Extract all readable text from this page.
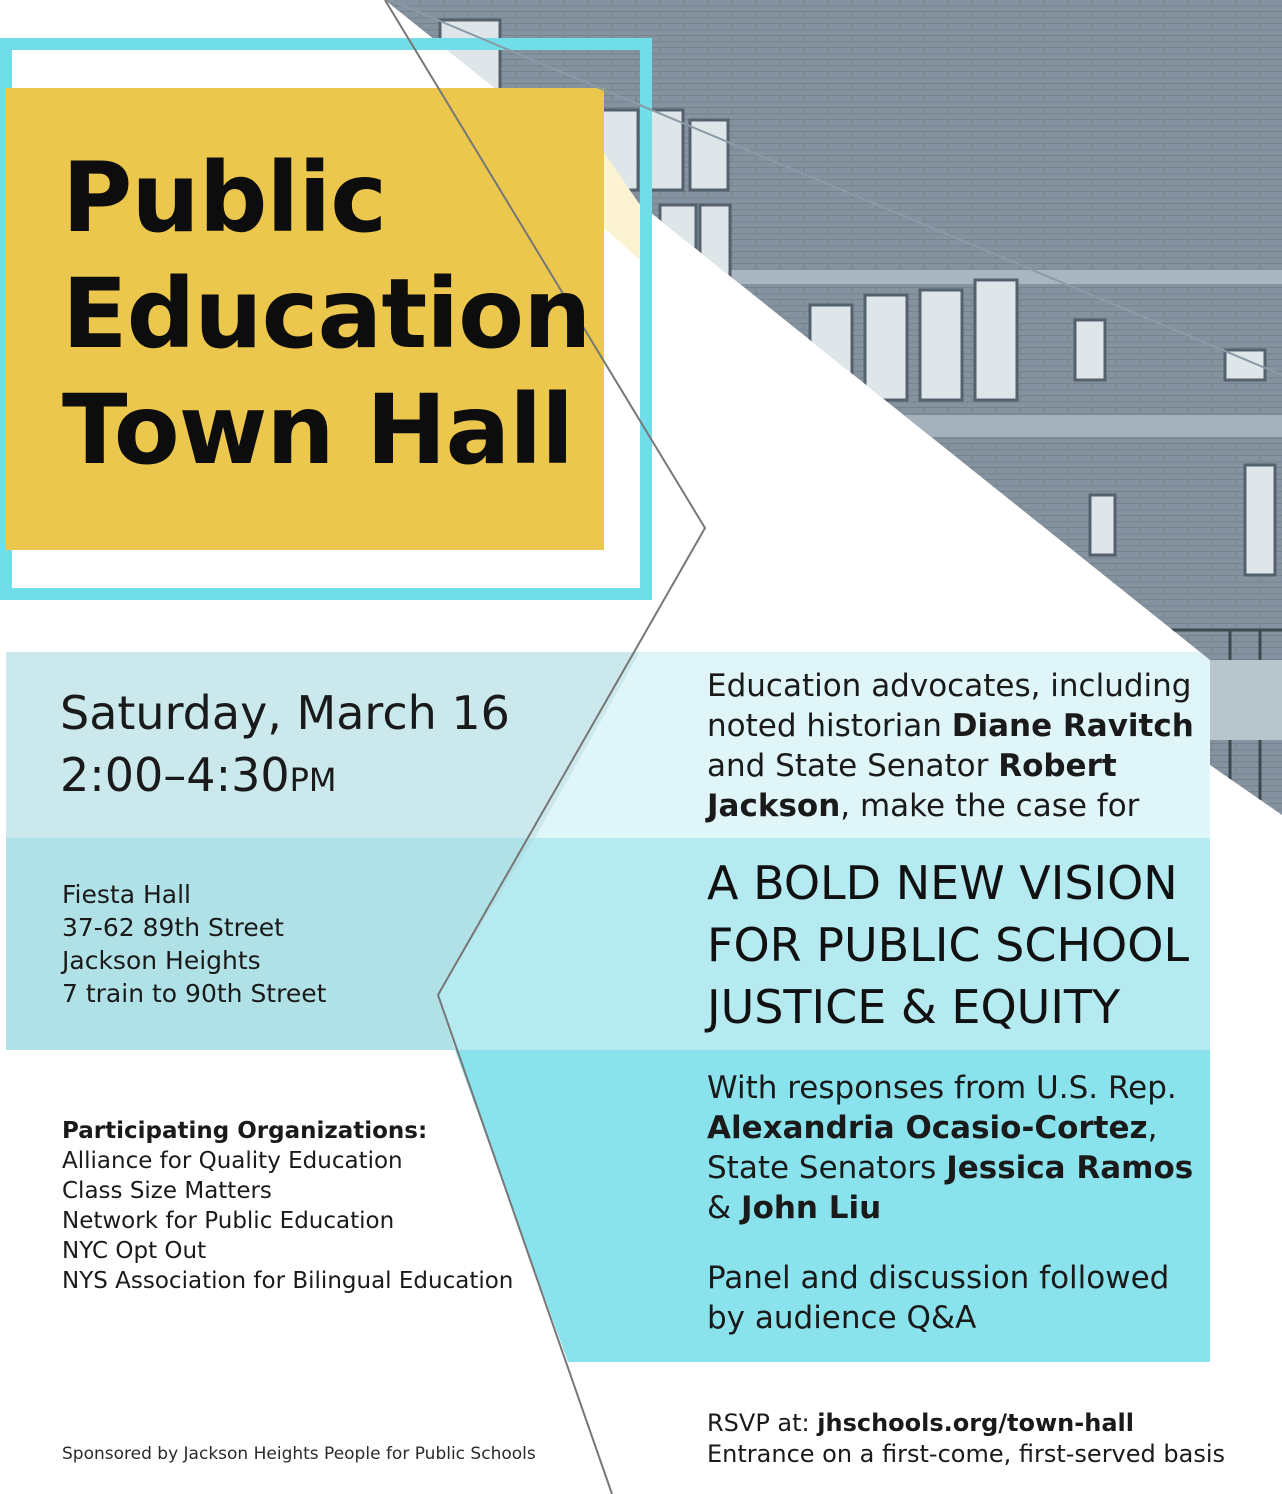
Public
Education
Town Hall
Saturday, March 16
2:00–4:30PM
Fiesta Hall
37-62 89th Street
Jackson Heights
7 train to 90th Street
Participating Organizations:
Alliance for Quality Education
Class Size Matters
Network for Public Education
NYC Opt Out
NYS Association for Bilingual Education
Sponsored by Jackson Heights People for Public Schools
Education advocates, including noted historian Diane Ravitch and State Senator Robert Jackson, make the case for
A BOLD NEW VISION
FOR PUBLIC SCHOOL
JUSTICE & EQUITY
With responses from U.S. Rep. Alexandria Ocasio-Cortez, State Senators Jessica Ramos & John Liu
Panel and discussion followed by audience Q&A
RSVP at: jhschools.org/town-hall
Entrance on a first-come, first-served basis
